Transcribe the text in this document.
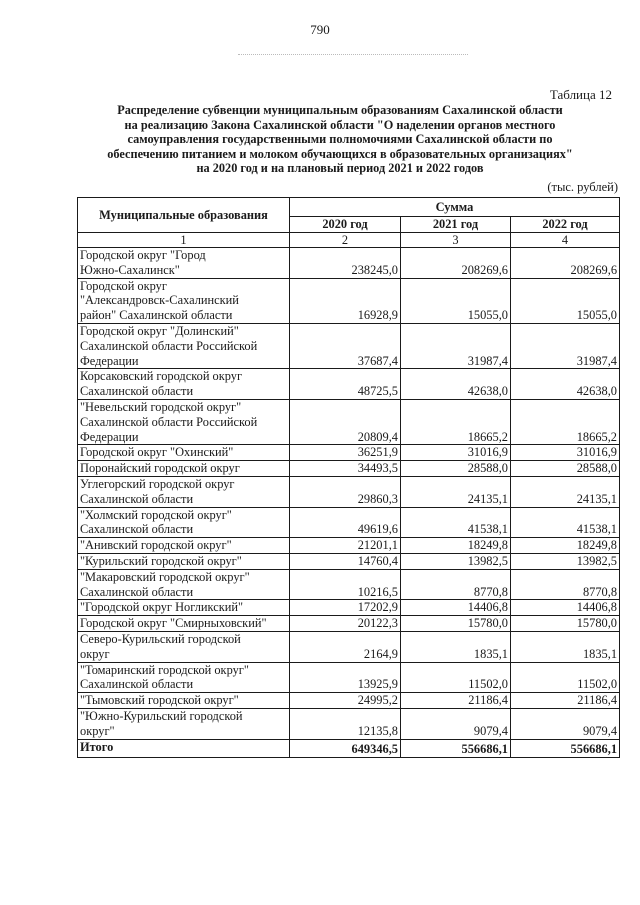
790
Таблица 12
Распределение субвенции муниципальным образованиям Сахалинской области
на реализацию Закона Сахалинской области "О наделении органов местного
самоуправления государственными полномочиями Сахалинской области по
обеспечению питанием и молоком обучающихся в образовательных организациях"
на 2020 год и на плановый период 2021 и 2022 годов
(тыс. рублей)
Муниципальные образования	Сумма		
	2020 год	2021 год	2022 год
1	2	3	4

Городской округ "Город
Южно-Сахалинск"	238245,0	208269,6	208269,6

Городской округ
"Александровск-Сахалинский
район" Сахалинской области	16928,9	15055,0	15055,0

Городской округ "Долинский"
Сахалинской области Российской
Федерации	37687,4	31987,4	31987,4

Корсаковский городской округ
Сахалинской области	48725,5	42638,0	42638,0

"Невельский городской округ"
Сахалинской области Российской
Федерации	20809,4	18665,2	18665,2

Городской округ "Охинский"	36251,9	31016,9	31016,9

Поронайский городской округ	34493,5	28588,0	28588,0

Углегорский городской округ
Сахалинской области	29860,3	24135,1	24135,1

"Холмский городской округ"
Сахалинской области	49619,6	41538,1	41538,1

"Анивский городской округ"	21201,1	18249,8	18249,8

"Курильский городской округ"	14760,4	13982,5	13982,5

"Макаровский городской округ"
Сахалинской области	10216,5	8770,8	8770,8

"Городской округ Ногликский"	17202,9	14406,8	14406,8

Городской округ "Смирныховский"	20122,3	15780,0	15780,0

Северо-Курильский городской
округ	2164,9	1835,1	1835,1

"Томаринский городской округ"
Сахалинской области	13925,9	11502,0	11502,0

"Тымовский городской округ"	24995,2	21186,4	21186,4

"Южно-Курильский городской
округ"	12135,8	9079,4	9079,4
Итого	649346,5	556686,1	556686,1
